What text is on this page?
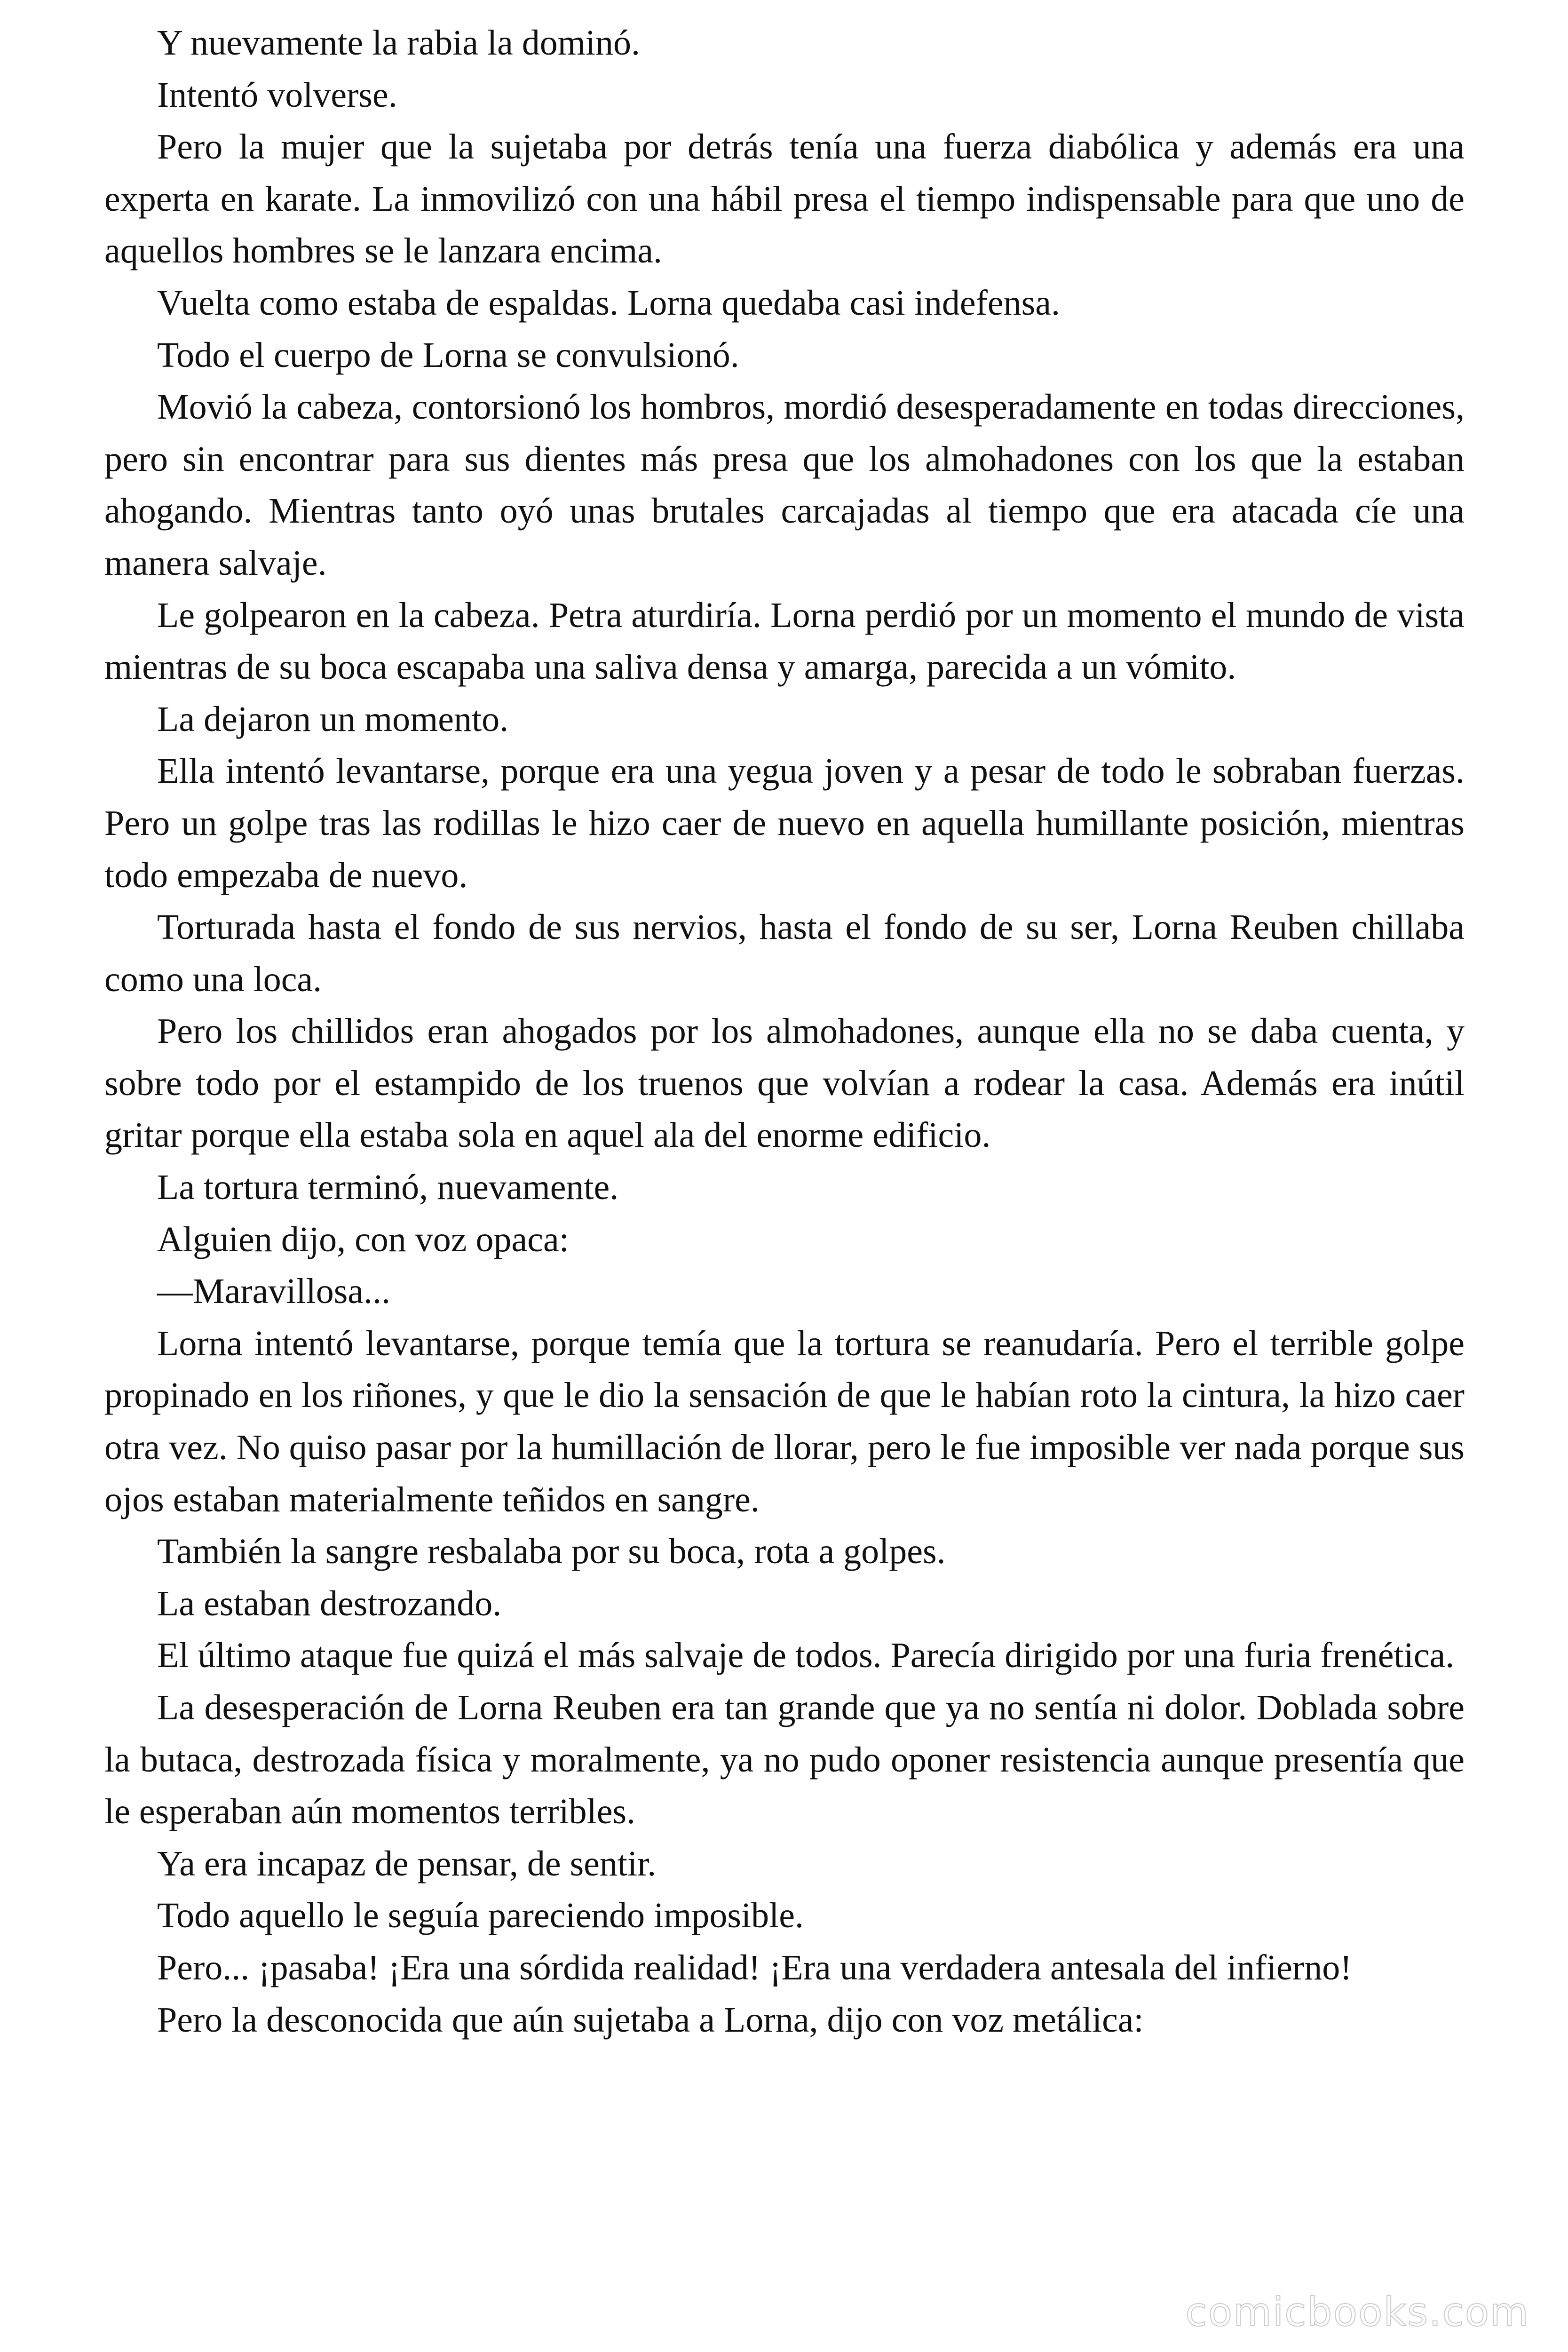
Y nuevamente la rabia la dominó.

Intentó volverse.

Pero la mujer que la sujetaba por detrás tenía una fuerza diabólica y además era una experta en karate. La inmovilizó con una hábil presa el tiempo indispensable para que uno de aquellos hombres se le lanzara encima.

Vuelta como estaba de espaldas. Lorna quedaba casi indefensa.

Todo el cuerpo de Lorna se convulsionó.

Movió la cabeza, contorsionó los hombros, mordió desesperadamente en todas direcciones, pero sin encontrar para sus dientes más presa que los almohadones con los que la estaban ahogando. Mientras tanto oyó unas brutales carcajadas al tiempo que era atacada cíe una manera salvaje.

Le golpearon en la cabeza. Petra aturdiría. Lorna perdió por un momento el mundo de vista mientras de su boca escapaba una saliva densa y amarga, parecida a un vómito.

La dejaron un momento.

Ella intentó levantarse, porque era una yegua joven y a pesar de todo le sobraban fuerzas. Pero un golpe tras las rodillas le hizo caer de nuevo en aquella humillante posición, mientras todo empezaba de nuevo.

Torturada hasta el fondo de sus nervios, hasta el fondo de su ser, Lorna Reuben chillaba como una loca.

Pero los chillidos eran ahogados por los almohadones, aunque ella no se daba cuenta, y sobre todo por el estampido de los truenos que volvían a rodear la casa. Además era inútil gritar porque ella estaba sola en aquel ala del enorme edificio.

La tortura terminó, nuevamente.

Alguien dijo, con voz opaca:

—Maravillosa...

Lorna intentó levantarse, porque temía que la tortura se reanudaría. Pero el terrible golpe propinado en los riñones, y que le dio la sensación de que le habían roto la cintura, la hizo caer otra vez. No quiso pasar por la humillación de llorar, pero le fue imposible ver nada porque sus ojos estaban materialmente teñidos en sangre.

También la sangre resbalaba por su boca, rota a golpes.

La estaban destrozando.

El último ataque fue quizá el más salvaje de todos. Parecía dirigido por una furia frenética.

La desesperación de Lorna Reuben era tan grande que ya no sentía ni dolor. Doblada sobre la butaca, destrozada física y moralmente, ya no pudo oponer resistencia aunque presentía que le esperaban aún momentos terribles.

Ya era incapaz de pensar, de sentir.

Todo aquello le seguía pareciendo imposible.

Pero... ¡pasaba! ¡Era una sórdida realidad! ¡Era una verdadera antesala del infierno!

Pero la desconocida que aún sujetaba a Lorna, dijo con voz metálica:

comicbooks.com
